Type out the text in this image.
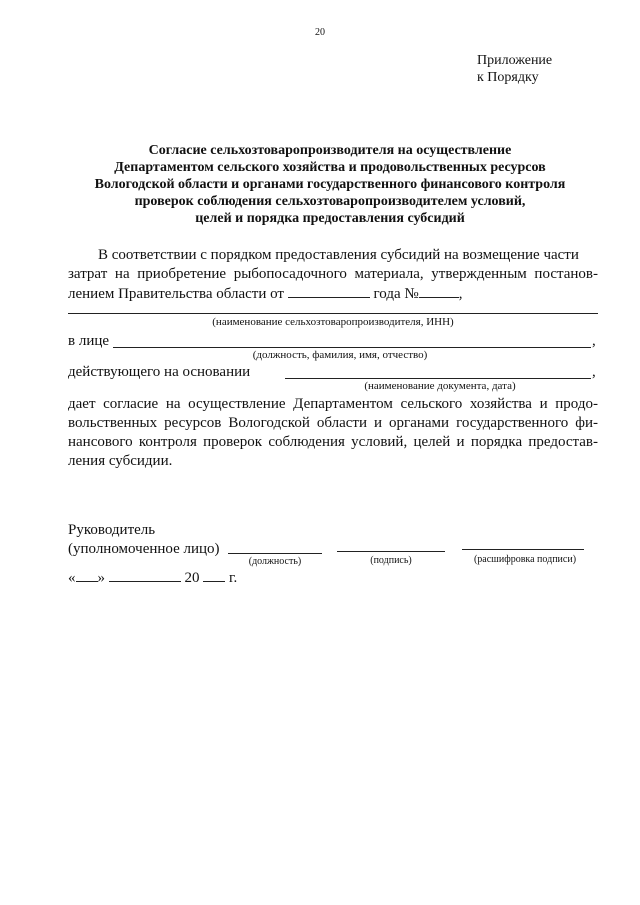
20
Приложение
к Порядку
Согласие сельхозтоваропроизводителя на осуществление
Департаментом сельского хозяйства и продовольственных ресурсов
Вологодской области и органами государственного финансового контроля
проверок соблюдения сельхозтоваропроизводителем условий,
целей и порядка предоставления субсидий
В соответствии с порядком предоставления субсидий на возмещение части
затрат на приобретение рыбопосадочного материала, утвержденным постанов-
лением Правительства области от	года №	,
(наименование сельхозтоваропроизводителя, ИНН)
в лице	,
(должность, фамилия, имя, отчество)
действующего на основании	,
(наименование документа, дата)
дает согласие на осуществление Департаментом сельского хозяйства и продо-вольственных ресурсов Вологодской области и органами государственного фи-нансового контроля проверок соблюдения условий, целей и порядка предостав-ления субсидии.
Руководитель
(уполномоченное лицо)
(должность)	(подпись)	(расшифровка подписи)
« »	20 г.
